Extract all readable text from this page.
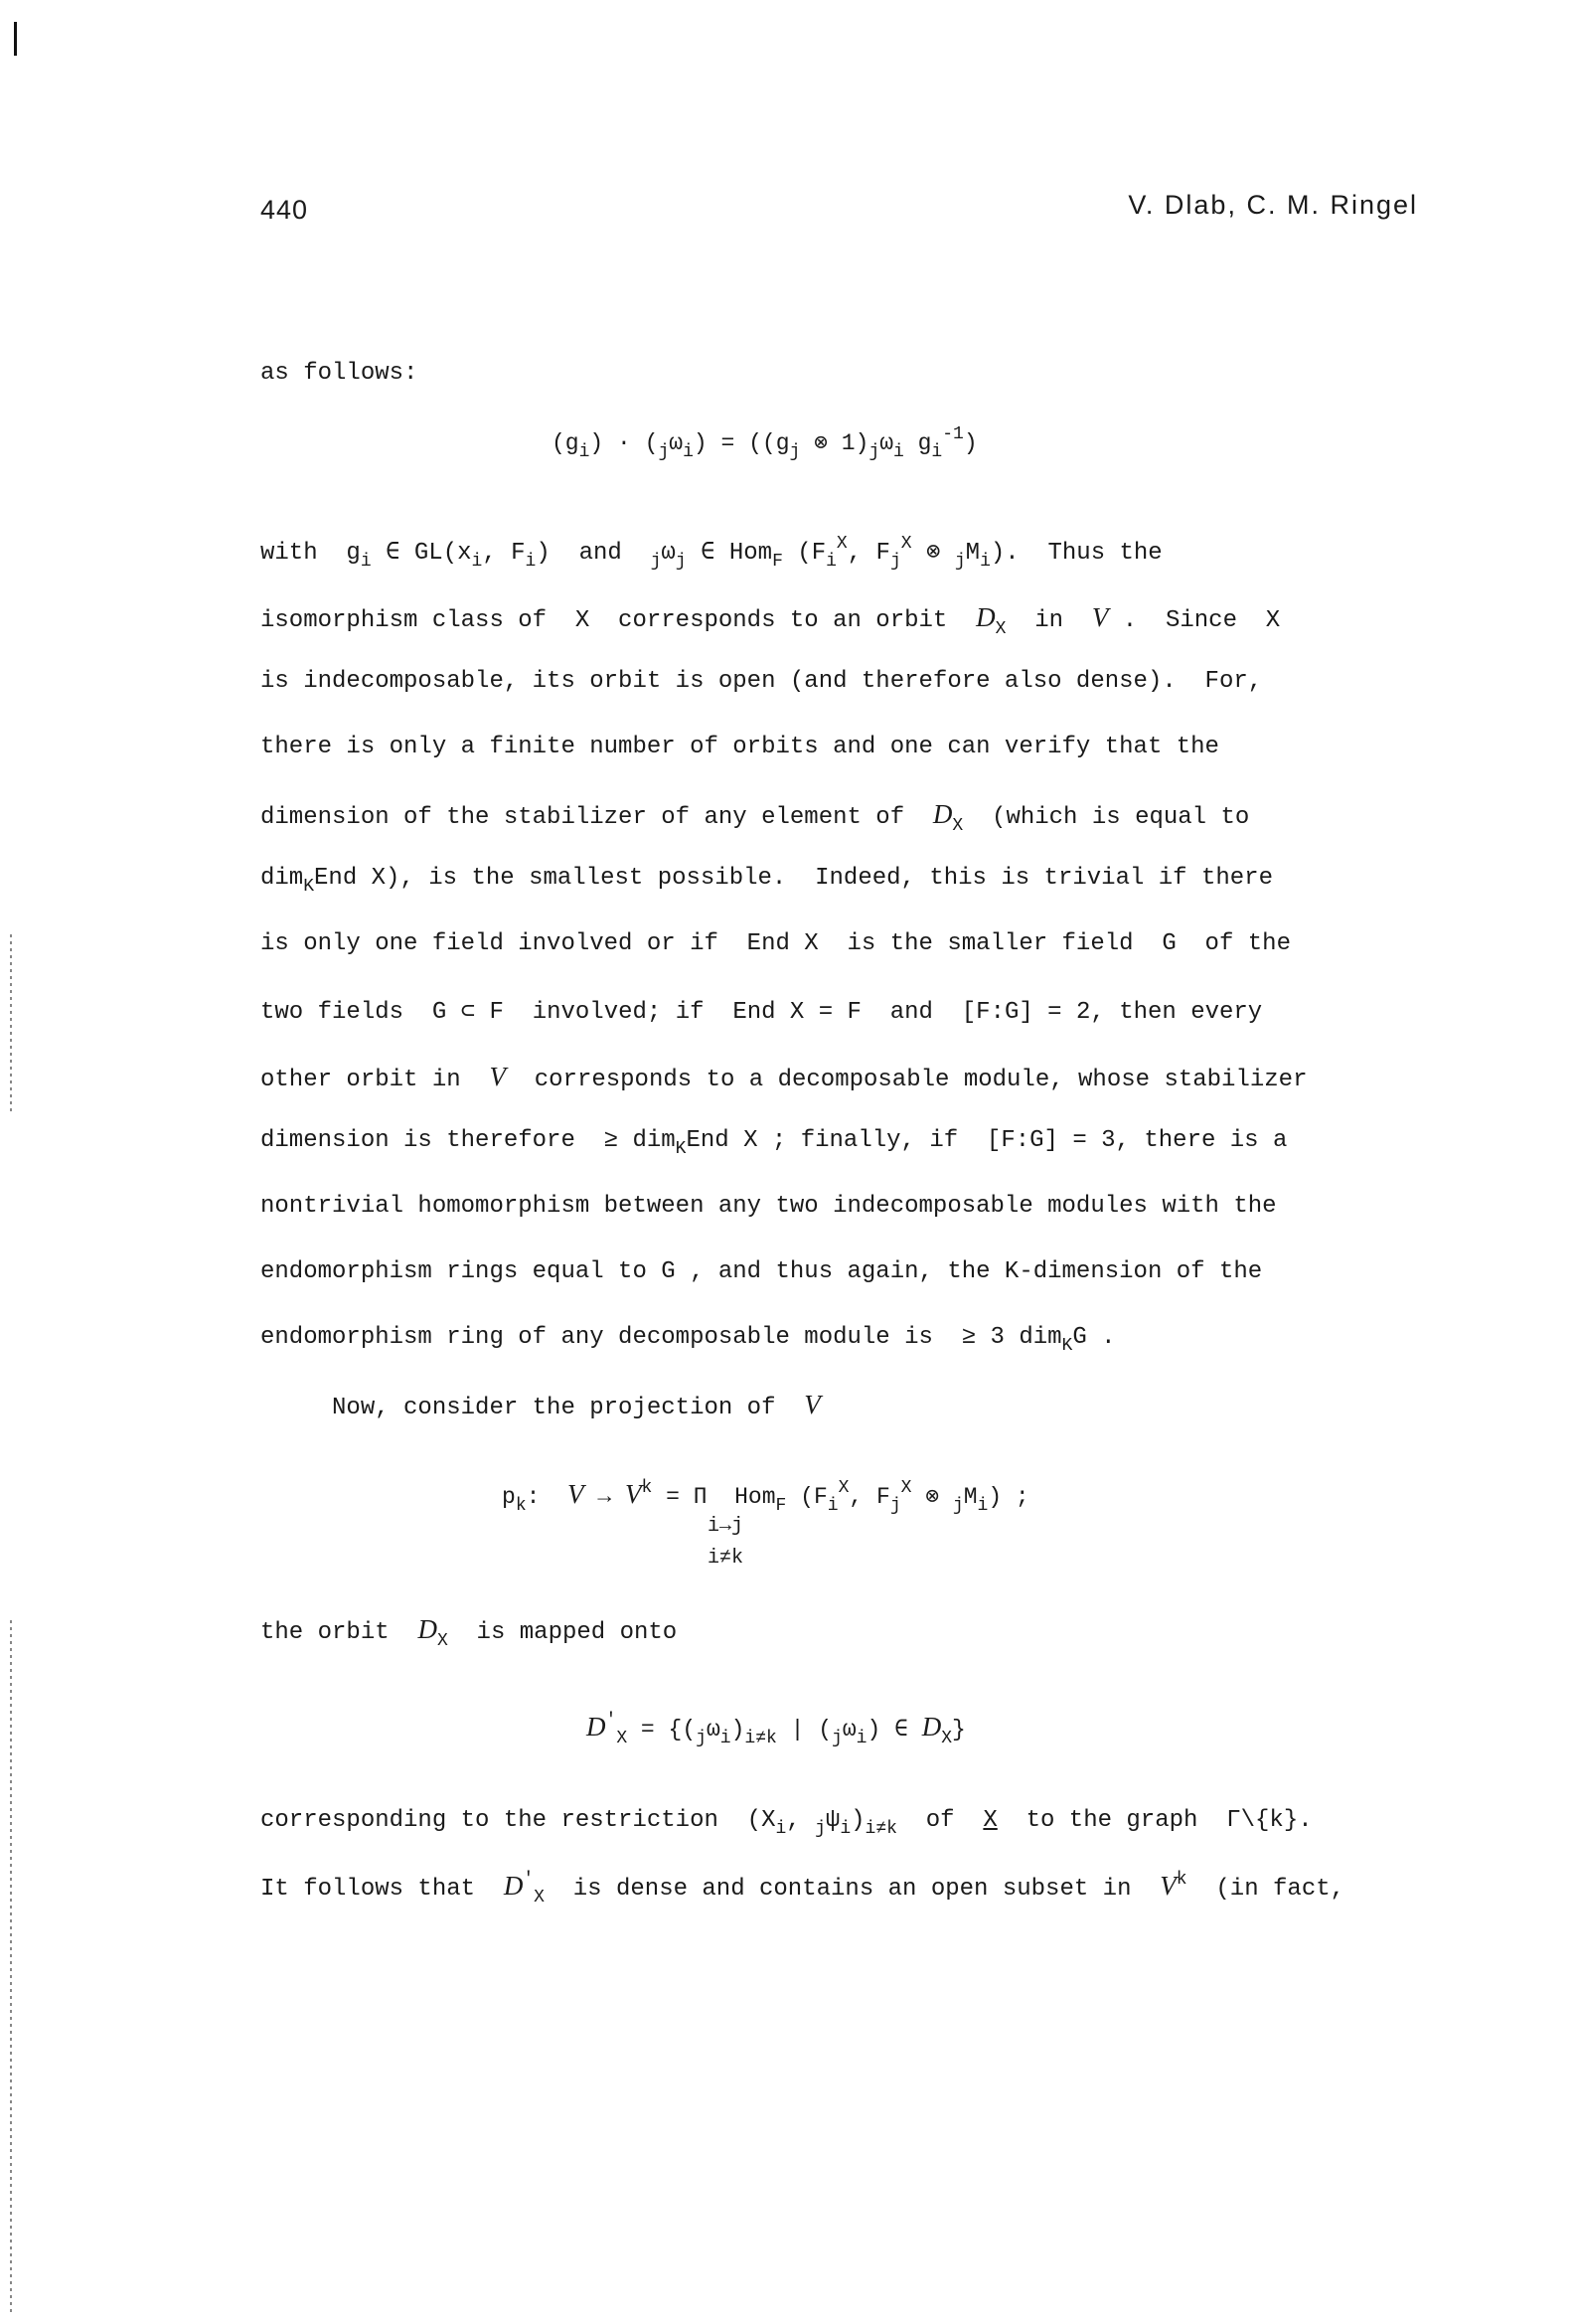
440	V. Dlab, C. M. Ringel
as follows:
$(g_i) \cdot (_j\omega_i) = ((g_j$ ⊗ $1)_j\omega_i$ $g_i^{-1}$)
with  $g_i$ ∈ $GL(x_i$, $F_i$)  and  $_j\omega_j$ ∈ Hom$_F$ ($F_i^X$, $F_j^X$ ⊗ $_jM_i$).  Thus the
isomorphism class of  X  corresponds to an orbit  $D_X$  in  V .  Since  X
is indecomposable, its orbit is open (and therefore also dense).  For,
there is only a finite number of orbits and one can verify that the
dimension of the stabilizer of any element of  $D_X$  (which is equal to
dim$_K$End X), is the smallest possible.  Indeed, this is trivial if there
is only one field involved or if  End X  is the smaller field  G  of the
two fields  G ⊂ F  involved; if  End X = F  and  [F:G] = 2, then every
other orbit in  V  corresponds to a decomposable module, whose stabilizer
dimension is therefore  ≥ dim$_K$End X ; finally, if  [F:G] = 3, there is a
nontrivial homomorphism between any two indecomposable modules with the
endomorphism rings equal to G , and thus again, the K-dimension of the
endomorphism ring of any decomposable module is  ≥ 3 dim$_K$G .
Now, consider the projection of  V
$p_k$:  $V \to V^k = \Pi$  Hom$_F$ ($F_i^X$, $F_j^X$ ⊗ $_jM_i$) ;
i→j
i≠k
the orbit  $D_X$  is mapped onto
$D'_X = \{(_j\omega_i)_{i\ne k}$ | $(_j\omega_i)$ ∈ $D_X$}
corresponding to the restriction  ($X_i$, $_j\psi_i)_{i\ne k}$  of  X  to the graph  Γ\{k}.
It follows that  $D'_X$  is dense and contains an open subset in  $V^k$  (in fact,
